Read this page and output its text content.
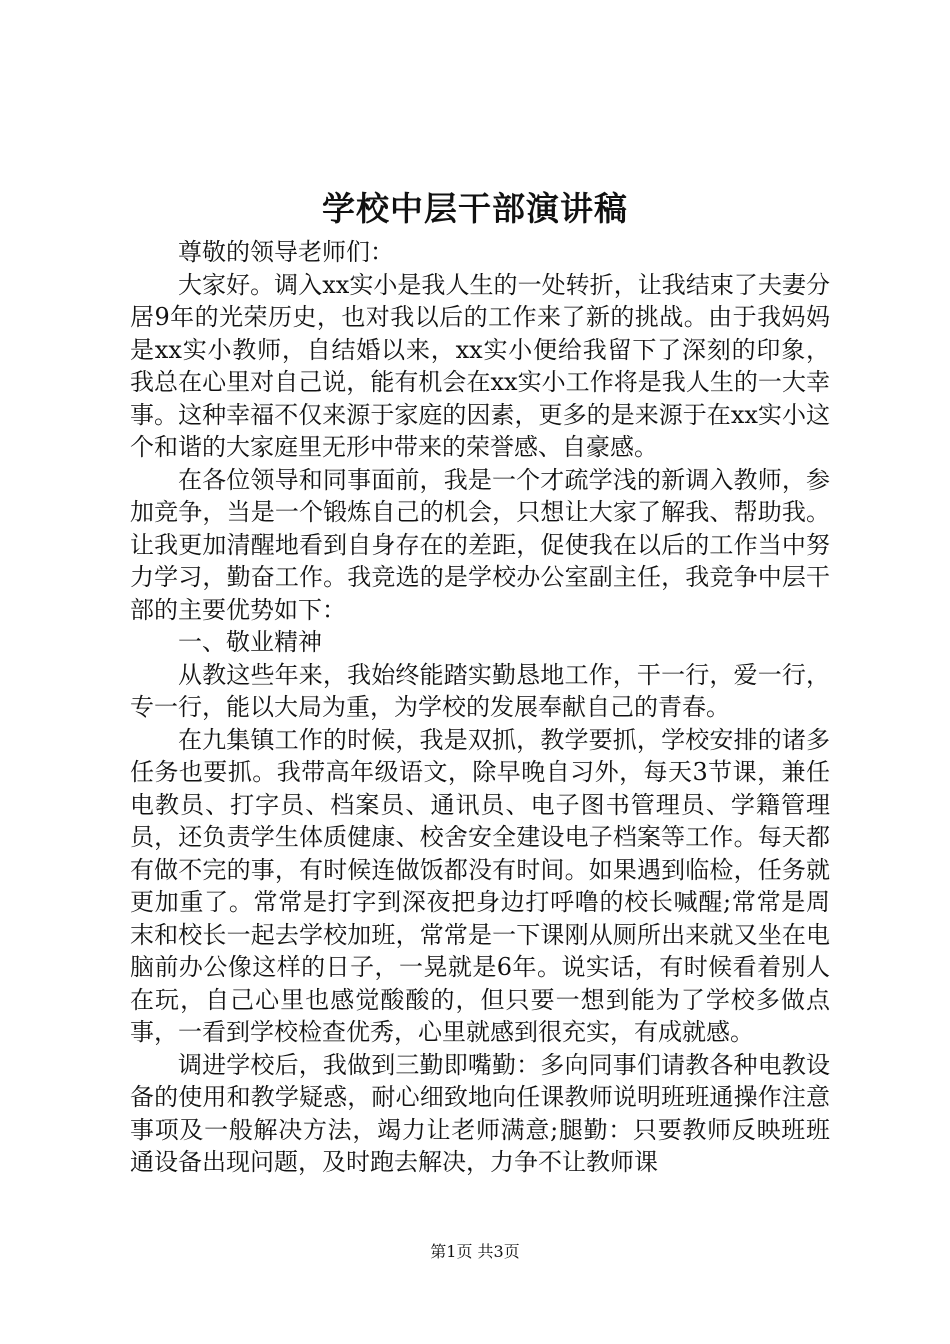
学校中层干部演讲稿

尊敬的领导老师们：

大家好。调入xx实小是我人生的一处转折，让我结束了夫妻分居9年的光荣历史，也对我以后的工作来了新的挑战。由于我妈妈是xx实小教师，自结婚以来，xx实小便给我留下了深刻的印象，我总在心里对自己说，能有机会在xx实小工作将是我人生的一大幸事。这种幸福不仅来源于家庭的因素，更多的是来源于在xx实小这个和谐的大家庭里无形中带来的荣誉感、自豪感。

在各位领导和同事面前，我是一个才疏学浅的新调入教师，参加竞争，当是一个锻炼自己的机会，只想让大家了解我、帮助我。让我更加清醒地看到自身存在的差距，促使我在以后的工作当中努力学习，勤奋工作。我竞选的是学校办公室副主任，我竞争中层干部的主要优势如下：

一、敬业精神

从教这些年来，我始终能踏实勤恳地工作，干一行，爱一行，专一行，能以大局为重，为学校的发展奉献自己的青春。

在九集镇工作的时候，我是双抓，教学要抓，学校安排的诸多任务也要抓。我带高年级语文，除早晚自习外，每天3节课，兼任电教员、打字员、档案员、通讯员、电子图书管理员、学籍管理员，还负责学生体质健康、校舍安全建设电子档案等工作。每天都有做不完的事，有时候连做饭都没有时间。如果遇到临检，任务就更加重了。常常是打字到深夜把身边打呼噜的校长喊醒;常常是周末和校长一起去学校加班，常常是一下课刚从厕所出来就又坐在电脑前办公像这样的日子，一晃就是6年。说实话，有时候看着别人在玩，自己心里也感觉酸酸的，但只要一想到能为了学校多做点事，一看到学校检查优秀，心里就感到很充实，有成就感。

调进学校后，我做到三勤即嘴勤：多向同事们请教各种电教设备的使用和教学疑惑，耐心细致地向任课教师说明班班通操作注意事项及一般解决方法，竭力让老师满意;腿勤：只要教师反映班班通设备出现问题，及时跑去解决，力争不让教师课

第1页 共3页
